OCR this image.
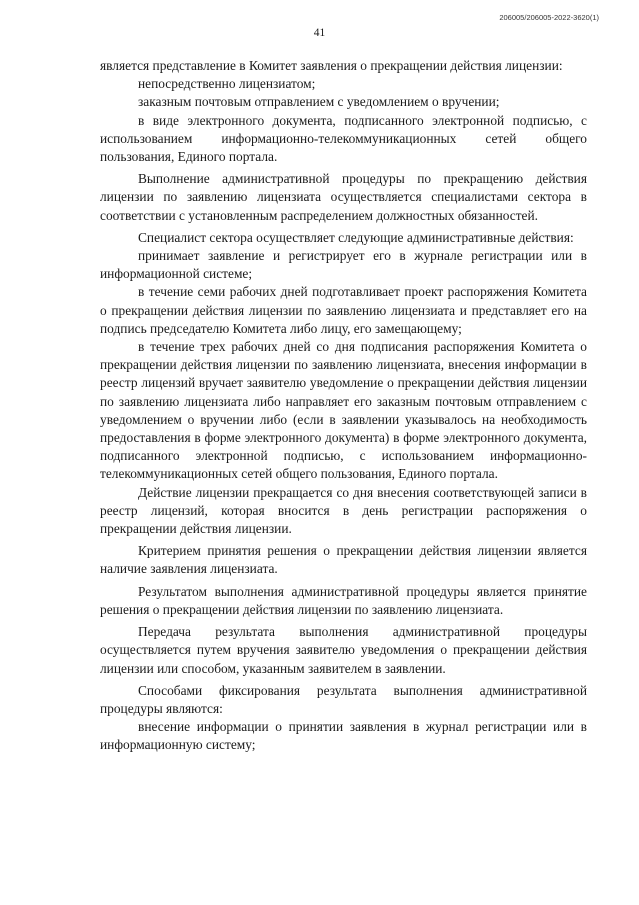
41
206005/206005-2022-3620(1)

является представление в Комитет заявления о прекращении действия лицензии:

непосредственно лицензиатом;

заказным почтовым отправлением с уведомлением о вручении;

в виде электронного документа, подписанного электронной подписью, с использованием информационно-телекоммуникационных сетей общего пользования, Единого портала.

Выполнение административной процедуры по прекращению действия лицензии по заявлению лицензиата осуществляется специалистами сектора в соответствии с установленным распределением должностных обязанностей.

Специалист сектора осуществляет следующие административные действия:

принимает заявление и регистрирует его в журнале регистрации или в информационной системе;

в течение семи рабочих дней подготавливает проект распоряжения Комитета о прекращении действия лицензии по заявлению лицензиата и представляет его на подпись председателю Комитета либо лицу, его замещающему;

в течение трех рабочих дней со дня подписания распоряжения Комитета о прекращении действия лицензии по заявлению лицензиата, внесения информации в реестр лицензий вручает заявителю уведомление о прекращении действия лицензии по заявлению лицензиата либо направляет его заказным почтовым отправлением с уведомлением о вручении либо (если в заявлении указывалось на необходимость предоставления в форме электронного документа) в форме электронного документа, подписанного электронной подписью, с использованием информационно-телекоммуникационных сетей общего пользования, Единого портала.

Действие лицензии прекращается со дня внесения соответствующей записи в реестр лицензий, которая вносится в день регистрации распоряжения о прекращении действия лицензии.

Критерием принятия решения о прекращении действия лицензии является наличие заявления лицензиата.

Результатом выполнения административной процедуры является принятие решения о прекращении действия лицензии по заявлению лицензиата.

Передача результата выполнения административной процедуры осуществляется путем вручения заявителю уведомления о прекращении действия лицензии или способом, указанным заявителем в заявлении.

Способами фиксирования результата выполнения административной процедуры являются:

внесение информации о принятии заявления в журнал регистрации или в информационную систему;
